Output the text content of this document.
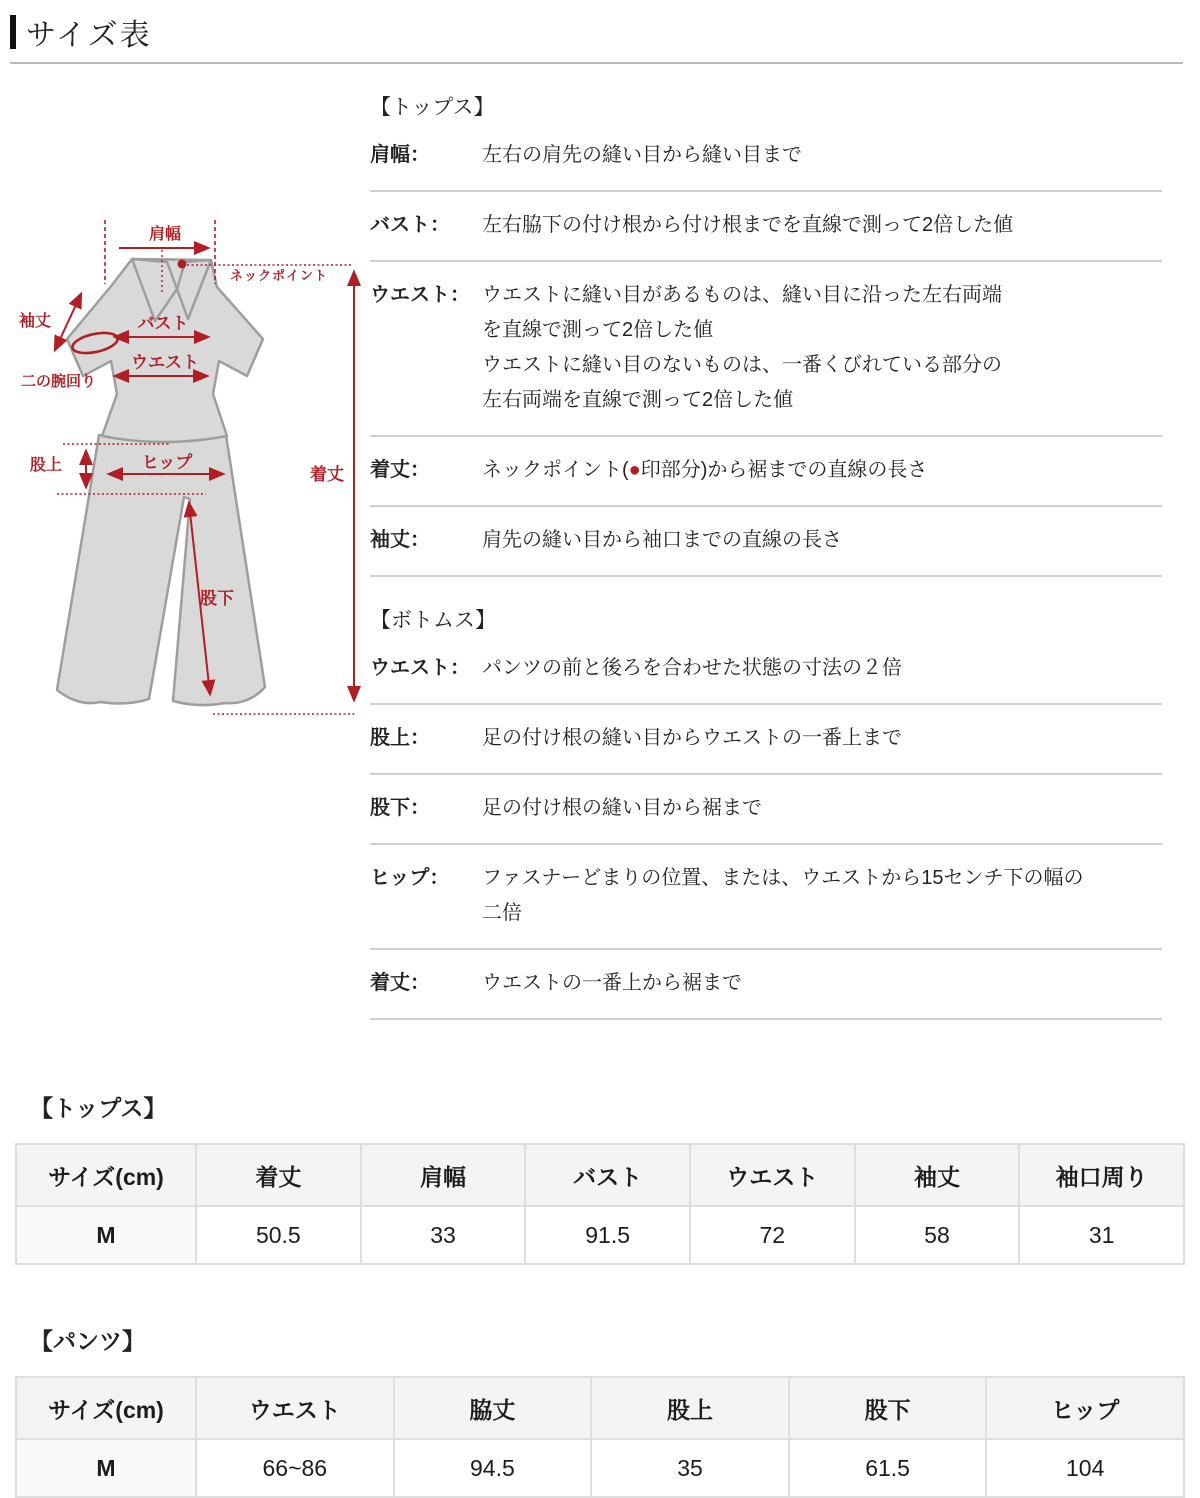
サイズ表
肩幅
ネックポイント
袖丈	バスト
ウエスト
二の腕回り
股上	ヒップ
股下
着丈
【トップス】
肩幅：	左右の肩先の縫い目から縫い目まで
バスト：	左右脇下の付け根から付け根までを直線で測って2倍した値
ウエスト： ウエストに縫い目があるものは、縫い目に沿った左右両端
を直線で測って2倍した値
ウエストに縫い目のないものは、一番くびれている部分の
左右両端を直線で測って2倍した値
着丈：	ネックポイント(●印部分)から裾までの直線の長さ
袖丈：	肩先の縫い目から袖口までの直線の長さ
【ボトムス】
ウエスト： パンツの前と後ろを合わせた状態の寸法の２倍
股上：	足の付け根の縫い目からウエストの一番上まで
股下：	足の付け根の縫い目から裾まで
ヒップ：	ファスナーどまりの位置、または、ウエストから15センチ下の幅の
二倍
着丈：	ウエストの一番上から裾まで
【トップス】
サイズ(cm)	着丈	肩幅	バスト	ウエスト	袖丈	袖口周り
M	50.5	33	91.5	72	58	31
【パンツ】
サイズ(cm)	ウエスト	脇丈	股上	股下	ヒップ
M	66~86	94.5	35	61.5	104
